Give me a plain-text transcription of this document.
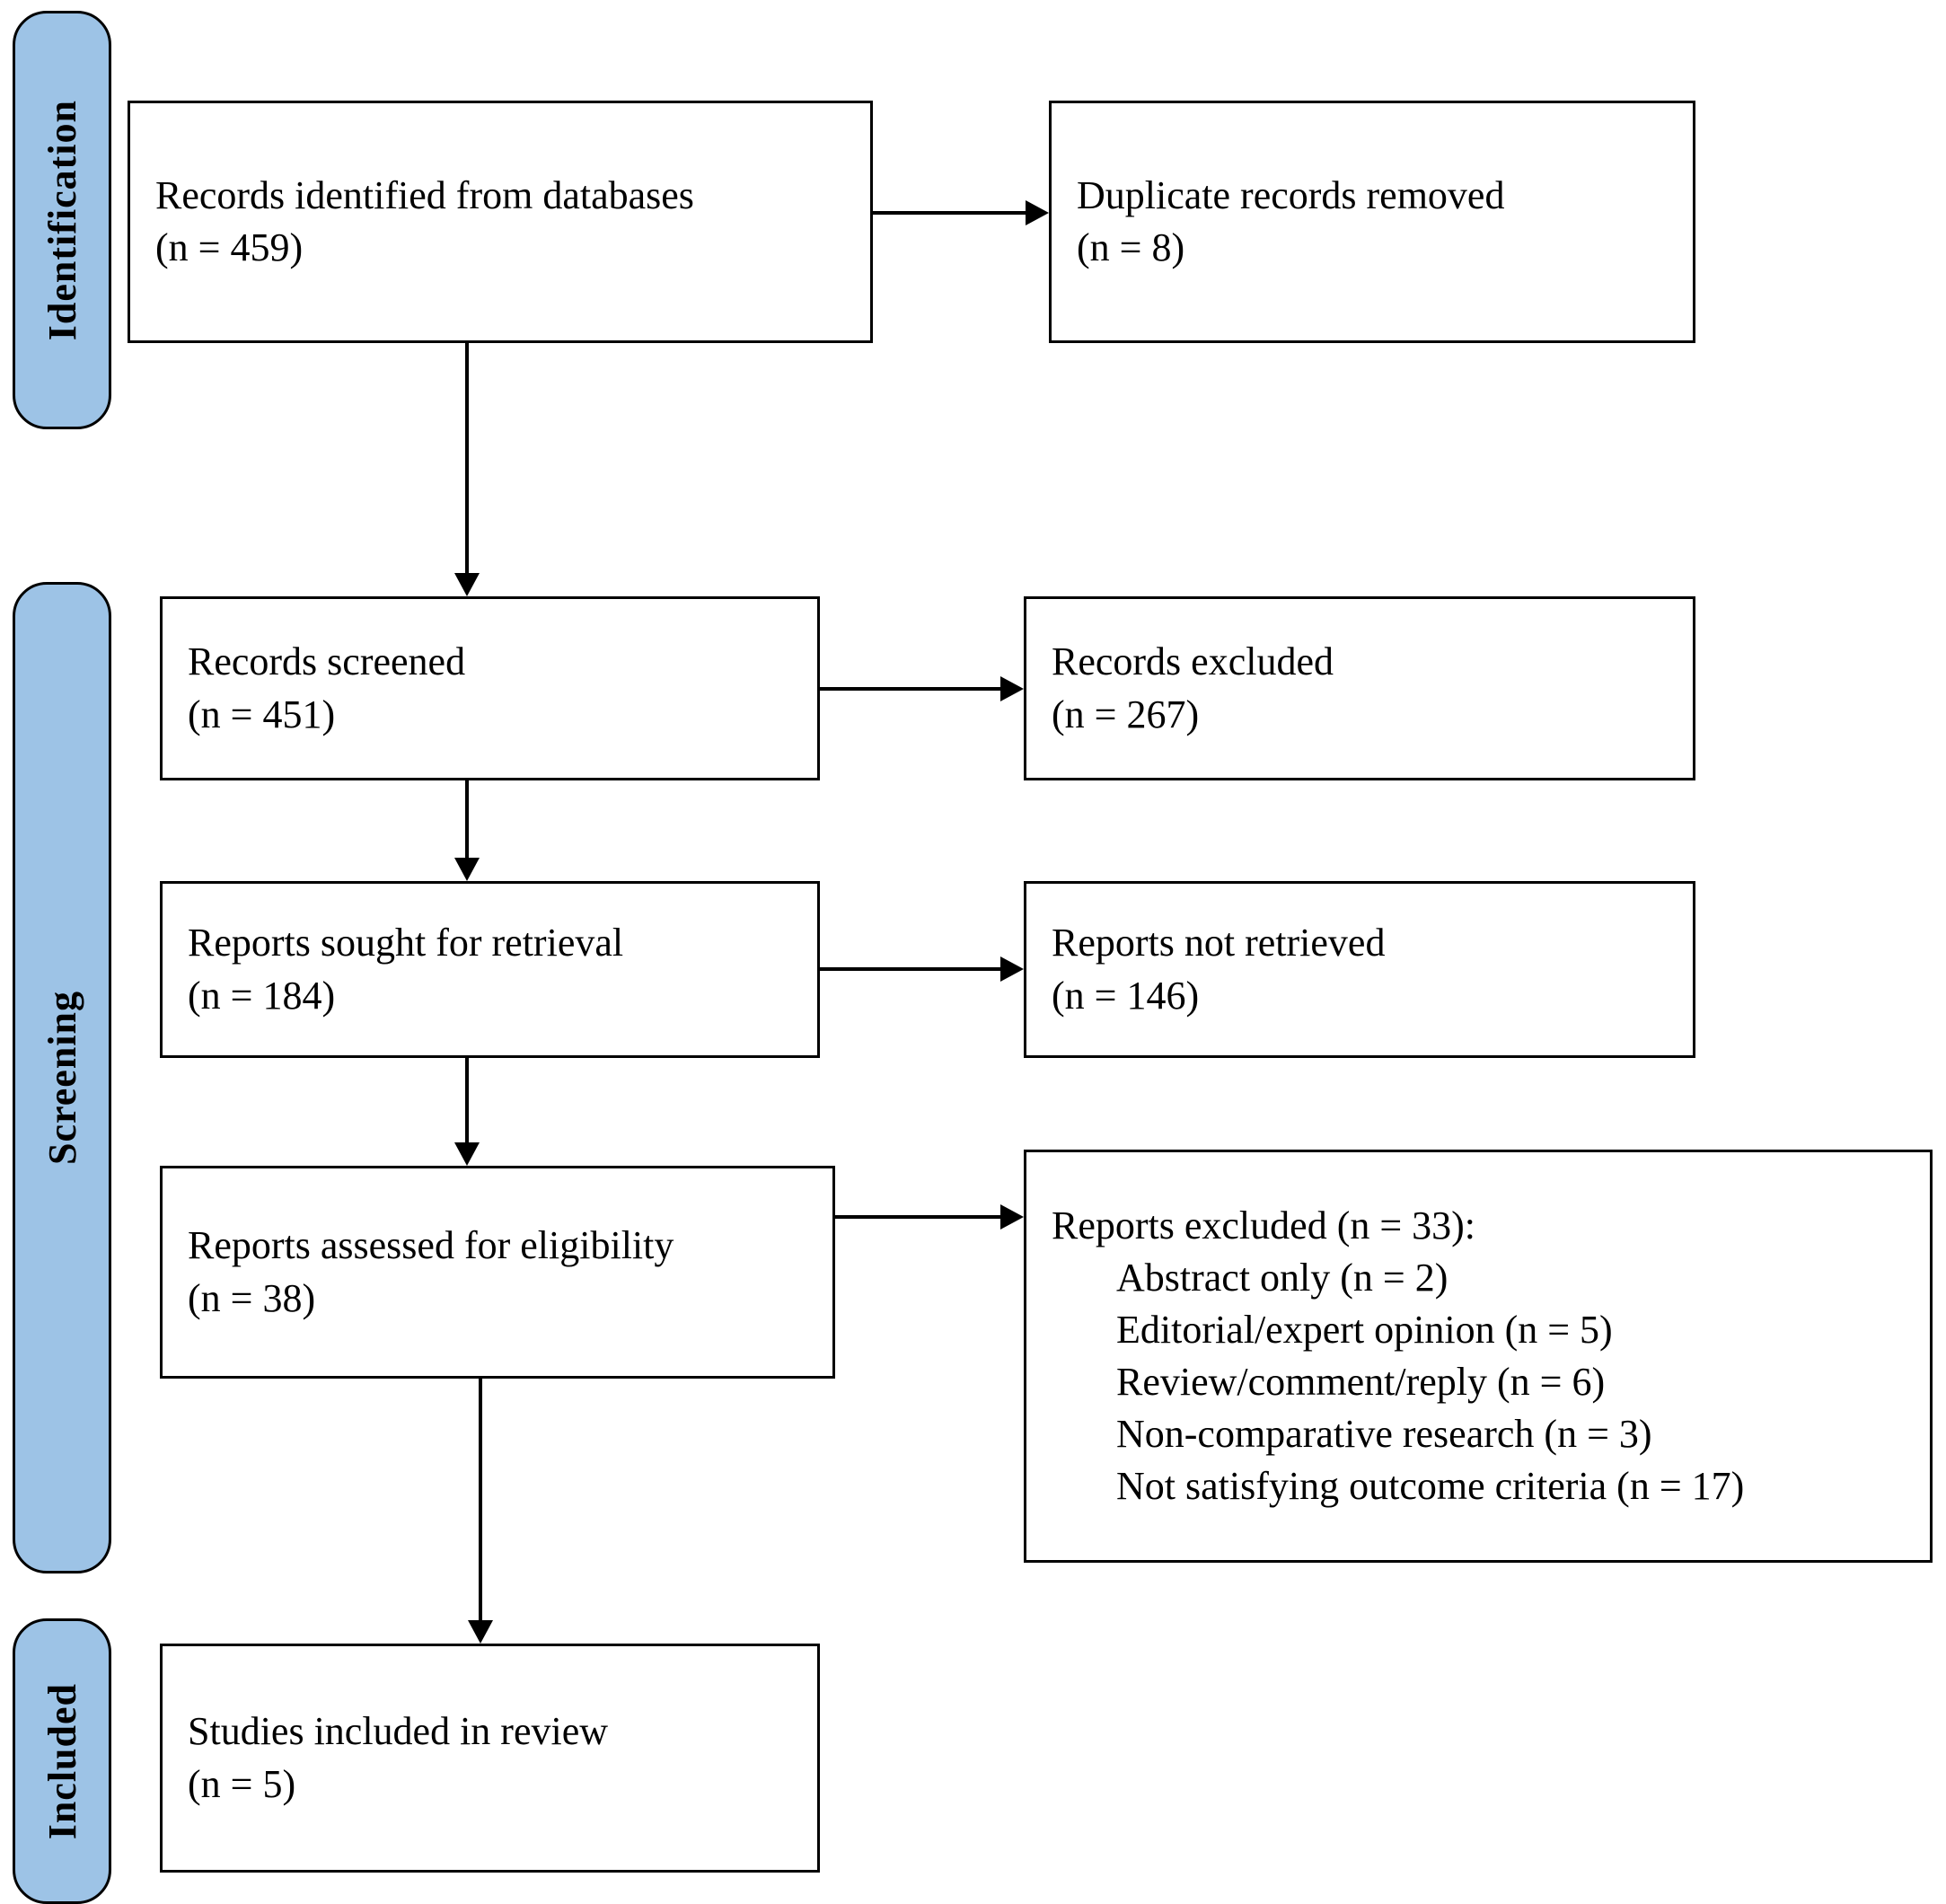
Identification
Screening
Included
Records identified from databases
(n = 459)
Duplicate records removed
(n = 8)
Records screened
(n = 451)
Records excluded
(n = 267)
Reports sought for retrieval
(n = 184)
Reports not retrieved
(n = 146)
Reports assessed for eligibility
(n = 38)
Reports excluded (n = 33):
Abstract only (n = 2)
Editorial/expert opinion (n = 5)
Review/comment/reply (n = 6)
Non-comparative research (n = 3)
Not satisfying outcome criteria (n = 17)
Studies included in review
(n = 5)
